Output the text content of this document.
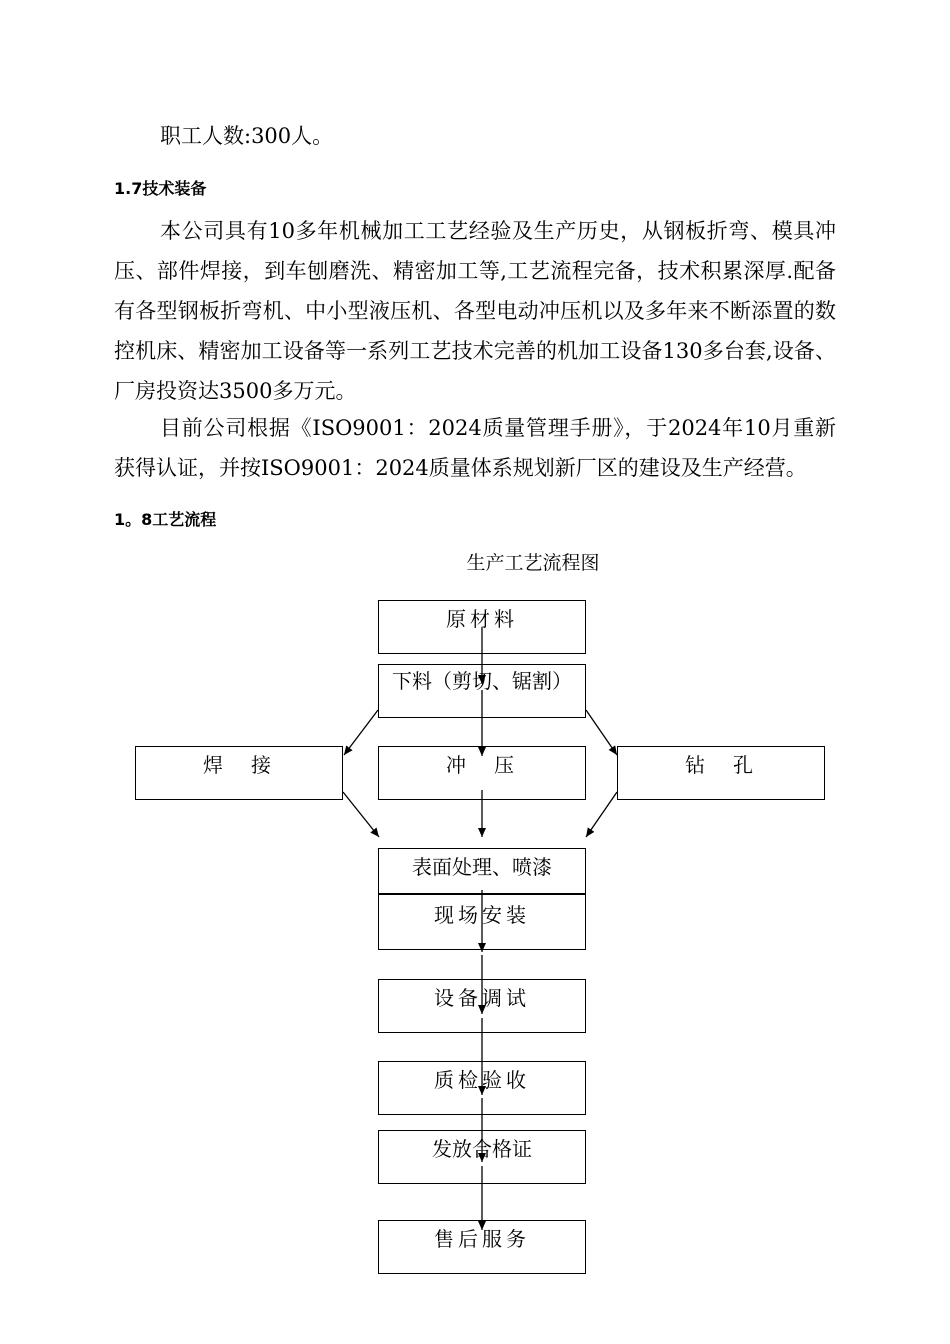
职工人数:300人。
1.7技术装备
本公司具有10多年机械加工工艺经验及生产历史，从钢板折弯、模具冲压、部件焊接，到车刨磨洗、精密加工等,工艺流程完备，技术积累深厚.配备有各型钢板折弯机、中小型液压机、各型电动冲压机以及多年来不断添置的数控机床、精密加工设备等一系列工艺技术完善的机加工设备130多台套,设备、厂房投资达3500多万元。
目前公司根据《ISO9001：2024质量管理手册》，于2024年10月重新获得认证，并按ISO9001：2024质量体系规划新厂区的建设及生产经营。
1。8工艺流程
生产工艺流程图
原材料
下料（剪切、锯割）
焊　接	冲　压	钻　孔
表面处理、喷漆
现场安装
设备调试
质检验收
发放合格证
售后服务
